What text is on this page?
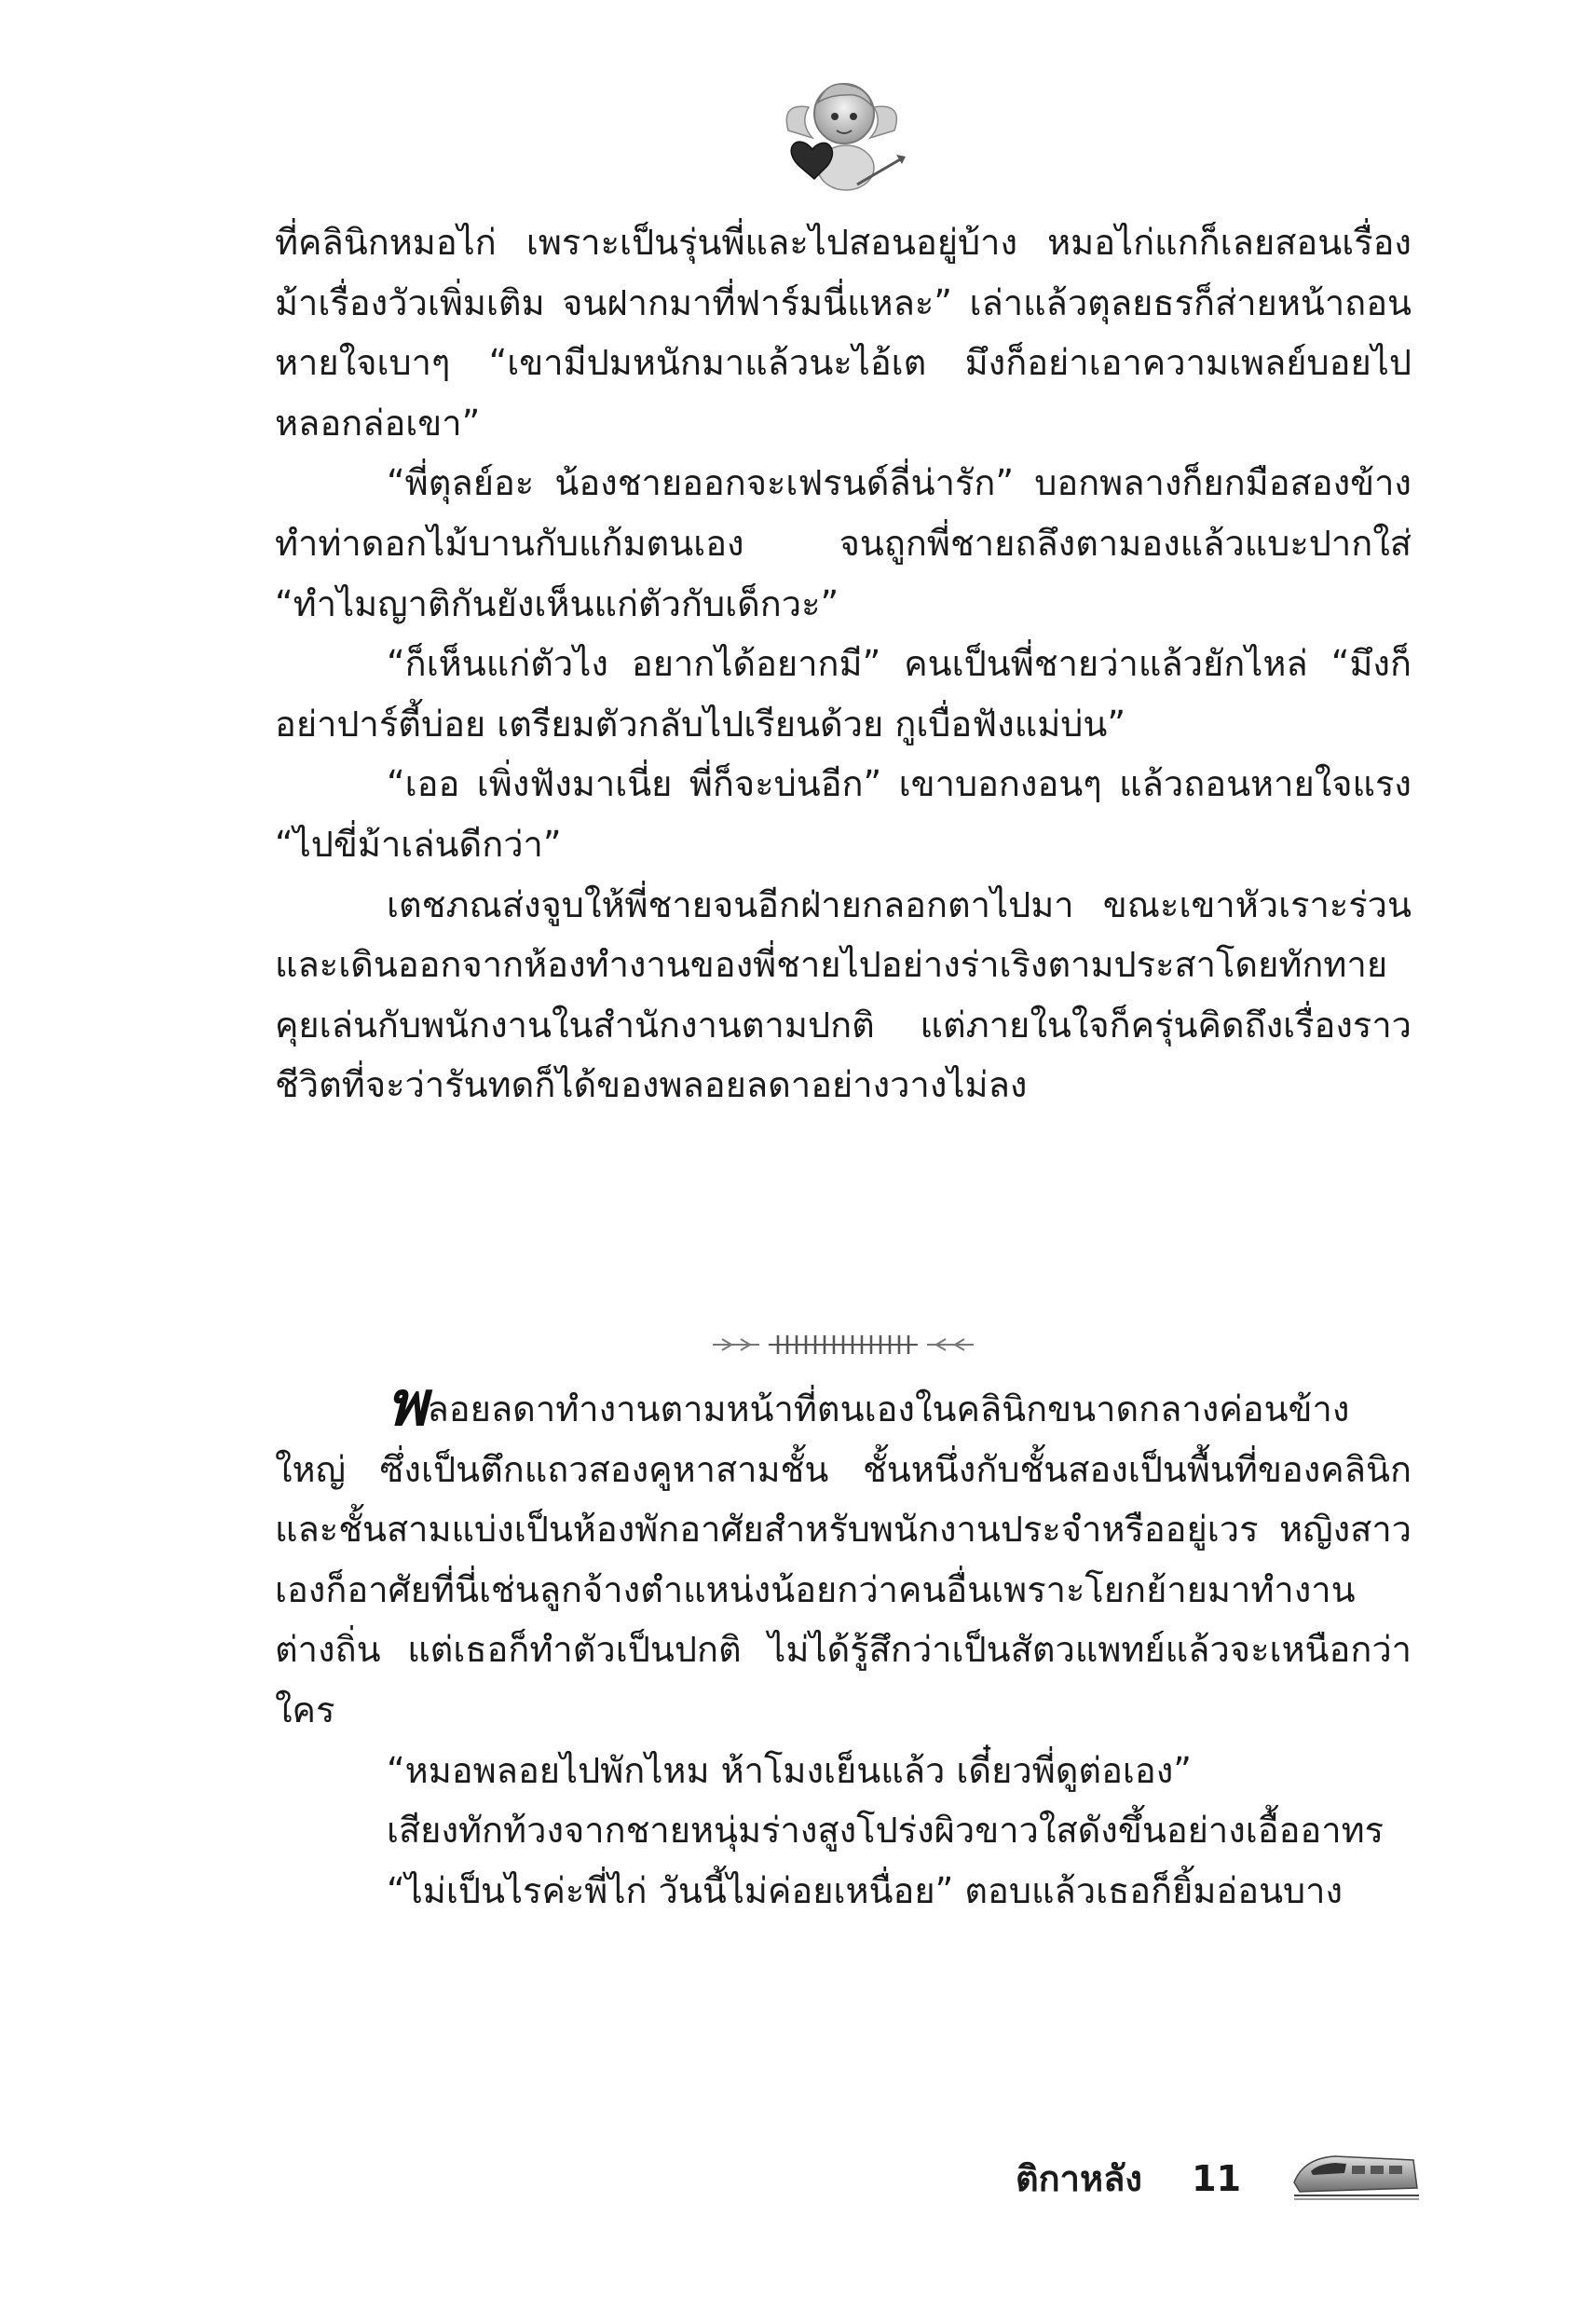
ที่คลินิกหมอไก่ เพราะเป็นรุ่นพี่และไปสอนอยู่บ้าง หมอไก่แกก็เลยสอนเรื่องม้าเรื่องวัวเพิ่มเติม จนฝากมาที่ฟาร์มนี่แหละ” เล่าแล้วตุลยธรก็ส่ายหน้าถอนหายใจเบาๆ “เขามีปมหนักมาแล้วนะไอ้เต มึงก็อย่าเอาความเพลย์บอยไปหลอกล่อเขา”

“พี่ตุลย์อะ น้องชายออกจะเฟรนด์ลี่น่ารัก” บอกพลางก็ยกมือสองข้างทำท่าดอกไม้บานกับแก้มตนเอง จนถูกพี่ชายถลึงตามองแล้วแบะปากใส่ “ทำไมญาติกันยังเห็นแก่ตัวกับเด็กวะ”

“ก็เห็นแก่ตัวไง อยากได้อยากมี” คนเป็นพี่ชายว่าแล้วยักไหล่ “มึงก็อย่าปาร์ตี้บ่อย เตรียมตัวกลับไปเรียนด้วย กูเบื่อฟังแม่บ่น”

“เออ เพิ่งฟังมาเนี่ย พี่ก็จะบ่นอีก” เขาบอกงอนๆ แล้วถอนหายใจแรง “ไปขี่ม้าเล่นดีกว่า”

เตชภณส่งจูบให้พี่ชายจนอีกฝ่ายกลอกตาไปมา ขณะเขาหัวเราะร่วนและเดินออกจากห้องทำงานของพี่ชายไปอย่างร่าเริงตามประสาโดยทักทายคุยเล่นกับพนักงานในสำนักงานตามปกติ แต่ภายในใจก็ครุ่นคิดถึงเรื่องราวชีวิตที่จะว่ารันทดก็ได้ของพลอยลดาอย่างวางไม่ลง

พลอยลดาทำงานตามหน้าที่ตนเองในคลินิกขนาดกลางค่อนข้างใหญ่ ซึ่งเป็นตึกแถวสองคูหาสามชั้น ชั้นหนึ่งกับชั้นสองเป็นพื้นที่ของคลินิก และชั้นสามแบ่งเป็นห้องพักอาศัยสำหรับพนักงานประจำหรืออยู่เวร หญิงสาวเองก็อาศัยที่นี่เช่นลูกจ้างตำแหน่งน้อยกว่าคนอื่นเพราะโยกย้ายมาทำงานต่างถิ่น แต่เธอก็ทำตัวเป็นปกติ ไม่ได้รู้สึกว่าเป็นสัตวแพทย์แล้วจะเหนือกว่าใคร

“หมอพลอยไปพักไหม ห้าโมงเย็นแล้ว เดี๋ยวพี่ดูต่อเอง”

เสียงทักท้วงจากชายหนุ่มร่างสูงโปร่งผิวขาวใสดังขึ้นอย่างเอื้ออาทร

“ไม่เป็นไรค่ะพี่ไก่ วันนี้ไม่ค่อยเหนื่อย” ตอบแล้วเธอก็ยิ้มอ่อนบาง

ติกาหลัง 11
